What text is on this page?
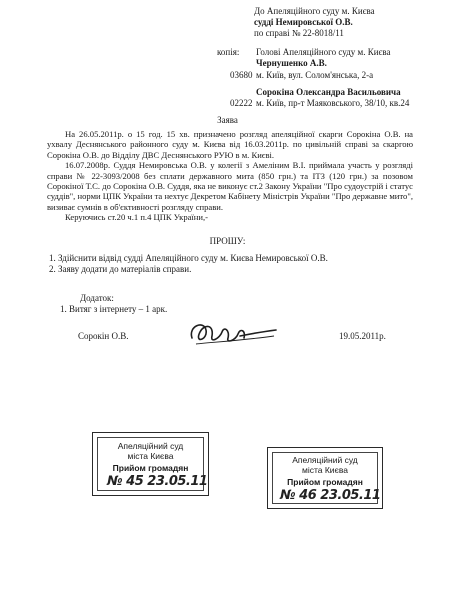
До Апеляційного суду м. Києва
судді Немировської О.В.
по справі № 22-8018/11
копія: Голові Апеляційного суду м. Києва
Чернушенко А.В.
03680 м. Київ, вул. Солом'янська, 2-а
Сорокіна Олександра Васильовича
02222 м. Київ, пр-т Маяковського, 38/10, кв.24
Заява

На 26.05.2011р. о 15 год. 15 хв. призначено розгляд апеляційної скарги Сорокіна О.В. на ухвалу Деснянського районного суду м. Києва від 16.03.2011р. по цивільній справі за скаргою Сорокіна О.В. до Відділу ДВС Деснянського РУЮ в м. Києві.

16.07.2008р. Суддя Немировська О.В. у колегії з Амеліним В.І. приймала участь у розгляді справи № 22-3093/2008 без сплати державного мита (850 грн.) та ІТЗ (120 грн.) за позовом Сорокіної Т.С. до Сорокіна О.В. Суддя, яка не виконує ст.2 Закону України "Про судоустрій і статус суддів", норми ЦПК України та нехтує Декретом Кабінету Міністрів України "Про державне мито", визиває сумнів в об'єктивності розгляду справи.

Керуючись ст.20 ч.1 п.4 ЦПК України,-

ПРОШУ:
1. Здійснити відвід судді Апеляційного суду м. Києва Немировської О.В.
2. Заяву додати до матеріалів справи.
Додаток:
1. Витяг з інтернету – 1 арк.
Сорокін О.В.	19.05.2011р.
Апеляційний суд
міста Києва
Прийом громадян
№ 45 23.05.11
Апеляційний суд
міста Києва
Прийом громадян
№ 46 23.05.11
